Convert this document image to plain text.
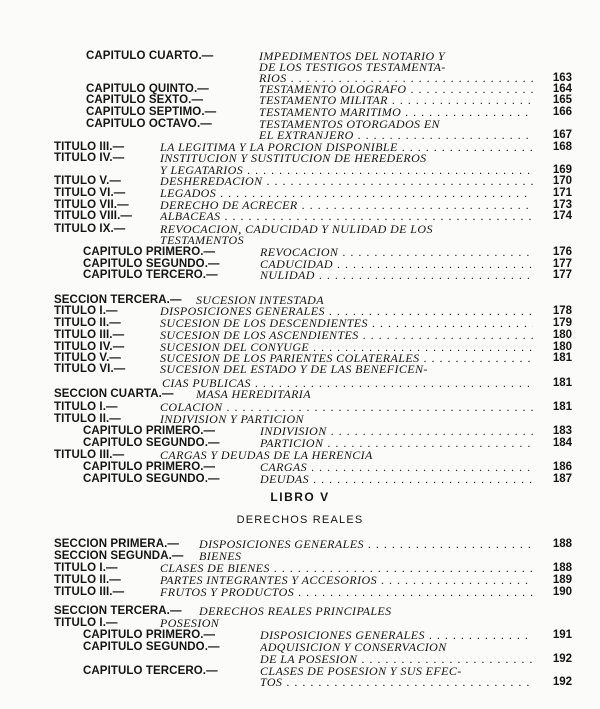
LIBRO V
DERECHOS REALES
CAPITULO CUARTO.—	IMPEDIMENTOS DEL NOTARIO Y
DE LOS TESTIGOS TESTAMENTA-
RIOS . . .	163
CAPITULO QUINTO.—	TESTAMENTO OLOGRAFO . . .	164
CAPITULO SEXTO.—	TESTAMENTO MILITAR . . .	165
CAPITULO SEPTIMO.—	TESTAMENTO MARITIMO . . .	166
CAPITULO OCTAVO.—	TESTAMENTOS OTORGADOS EN
EL EXTRANJERO . . .	167
TITULO III.—	LA LEGITIMA Y LA PORCION DISPONIBLE . . .	168
TITULO IV.—	INSTITUCION Y SUSTITUCION DE HEREDEROS
Y LEGATARIOS . . .	169
TITULO V.—	DESHEREDACION . . .	170
TITULO VI.—	LEGADOS . . .	171
TITULO VII.—	DERECHO DE ACRECER . . .	173
TITULO VIII.— ALBACEAS . . .	174
TITULO IX.—	REVOCACION, CADUCIDAD Y NULIDAD DE LOS
TESTAMENTOS
CAPITULO PRIMERO.—	REVOCACION . . .	176
CAPITULO SEGUNDO.—	CADUCIDAD . . .	177
CAPITULO TERCERO.—	NULIDAD . . .	177
SECCION TERCERA.— SUCESION INTESTADA
TITULO I.—	DISPOSICIONES GENERALES . . .	178
TITULO II.—	SUCESION DE LOS DESCENDIENTES . . .	179
TITULO III.—	SUCESION DE LOS ASCENDIENTES . . .	180
TITULO IV.—	SUCESION DEL CONYUGE . . .	180
TITULO V.—	SUCESION DE LOS PARIENTES COLATERALES . . .	181
TITULO VI.—	SUCESION DEL ESTADO Y DE LAS BENEFICEN-
CIAS PUBLICAS . . .	181
SECCION CUARTA.— MASA HEREDITARIA
TITULO I.—	COLACION . . .	181
TITULO II.—	INDIVISION Y PARTICION
CAPITULO PRIMERO.—	INDIVISION . . .	183
CAPITULO SEGUNDO.—	PARTICION . . .	184
TITULO III.—	CARGAS Y DEUDAS DE LA HERENCIA
CAPITULO PRIMERO.—	CARGAS . . .	186
CAPITULO SEGUNDO.—	DEUDAS . . .	187
SECCION PRIMERA.— DISPOSICIONES GENERALES . . .	188
SECCION SEGUNDA.— BIENES
TITULO I.—	CLASES DE BIENES . . .	188
TITULO II.—	PARTES INTEGRANTES Y ACCESORIOS . . .	189
TITULO III.—	FRUTOS Y PRODUCTOS . . .	190
SECCION TERCERA.— DERECHOS REALES PRINCIPALES
TITULO I.—	POSESION
CAPITULO PRIMERO.—	DISPOSICIONES GENERALES . . .	191
CAPITULO SEGUNDO.—	ADQUISICION Y CONSERVACION
DE LA POSESION . . .	192
CAPITULO TERCERO.—	CLASES DE POSESION Y SUS EFEC-
TOS . . .	192
